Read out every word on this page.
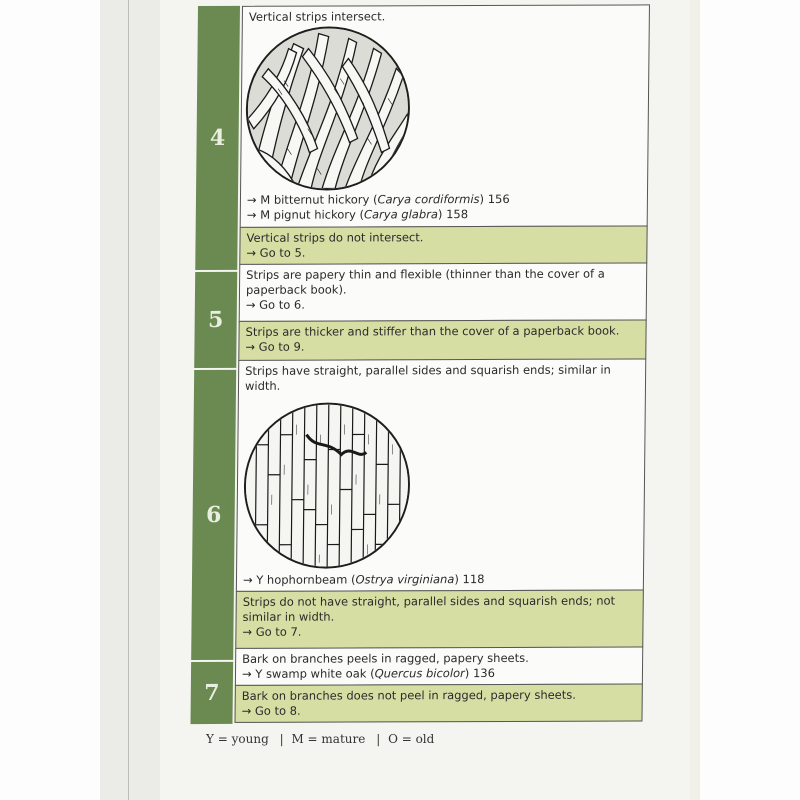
4
Vertical strips intersect.
→ M bitternut hickory (Carya cordiformis) 156
→ M pignut hickory (Carya glabra) 158
Vertical strips do not intersect.
→ Go to 5.
5
Strips are papery thin and flexible (thinner than the cover of a paperback book).
→ Go to 6.
Strips are thicker and stiffer than the cover of a paperback book.
→ Go to 9.
6
Strips have straight, parallel sides and squarish ends; similar in width.
→ Y hophornbeam (Ostrya virginiana) 118
Strips do not have straight, parallel sides and squarish ends; not similar in width.
→ Go to 7.
7
Bark on branches peels in ragged, papery sheets.
→ Y swamp white oak (Quercus bicolor) 136
Bark on branches does not peel in ragged, papery sheets.
→ Go to 8.
Y = young | M = mature | O = old
